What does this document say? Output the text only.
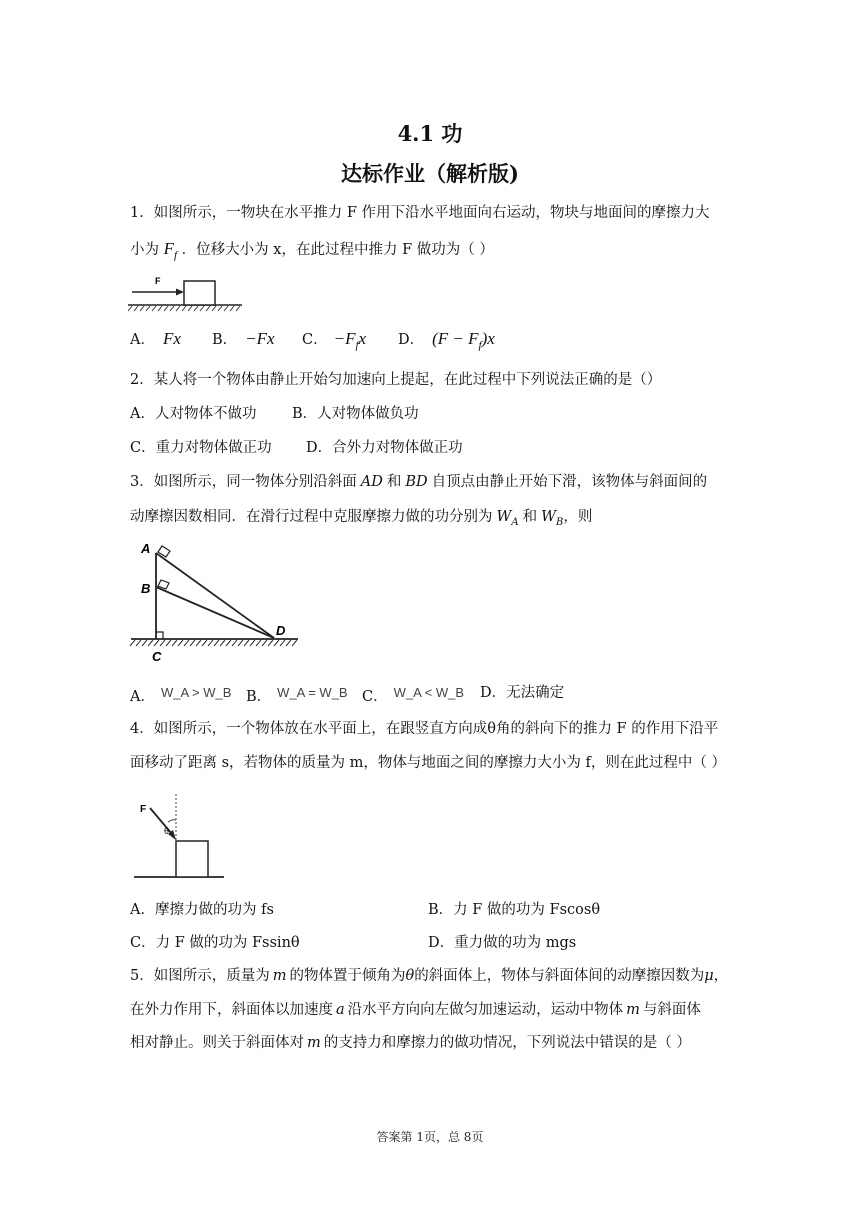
4.1 功
达标作业（解析版)
1．如图所示，一物块在水平推力 F 作用下沿水平地面向右运动，物块与地面间的摩擦力大
小为 $F_f$ ．位移大小为 x，在此过程中推力 F 做功为（ ）
F
A． Fx B． −Fx C． $-F_fx$ D． $(F - F_f)x$
2．某人将一个物体由静止开始匀加速向上提起，在此过程中下列说法正确的是（）
A．人对物体不做功 B．人对物体做负功
C．重力对物体做正功 D．合外力对物体做正功
3．如图所示，同一物体分别沿斜面 AD 和 BD 自顶点由静止开始下滑，该物体与斜面间的
动摩擦因数相同．在滑行过程中克服摩擦力做的功分别为 $W_A$ 和 $W_B$，则
A
B
C
D
A． W_A > W_B B． W_A = W_B C． W_A < W_B D．无法确定
4．如图所示，一个物体放在水平面上，在跟竖直方向成θ角的斜向下的推力 F 的作用下沿平
面移动了距离 s，若物体的质量为 m，物体与地面之间的摩擦力大小为 f，则在此过程中（ ）
F
θ
A．摩擦力做的功为 fs	B．力 F 做的功为 Fscosθ
C．力 F 做的功为 Fssinθ	D．重力做的功为 mgs
5．如图所示，质量为 m 的物体置于倾角为θ的斜面体上，物体与斜面体间的动摩擦因数为μ，
在外力作用下，斜面体以加速度 a 沿水平方向向左做匀加速运动，运动中物体 m 与斜面体
相对静止。则关于斜面体对 m 的支持力和摩擦力的做功情况，下列说法中错误的是（ ）
答案第 1页，总 8页
